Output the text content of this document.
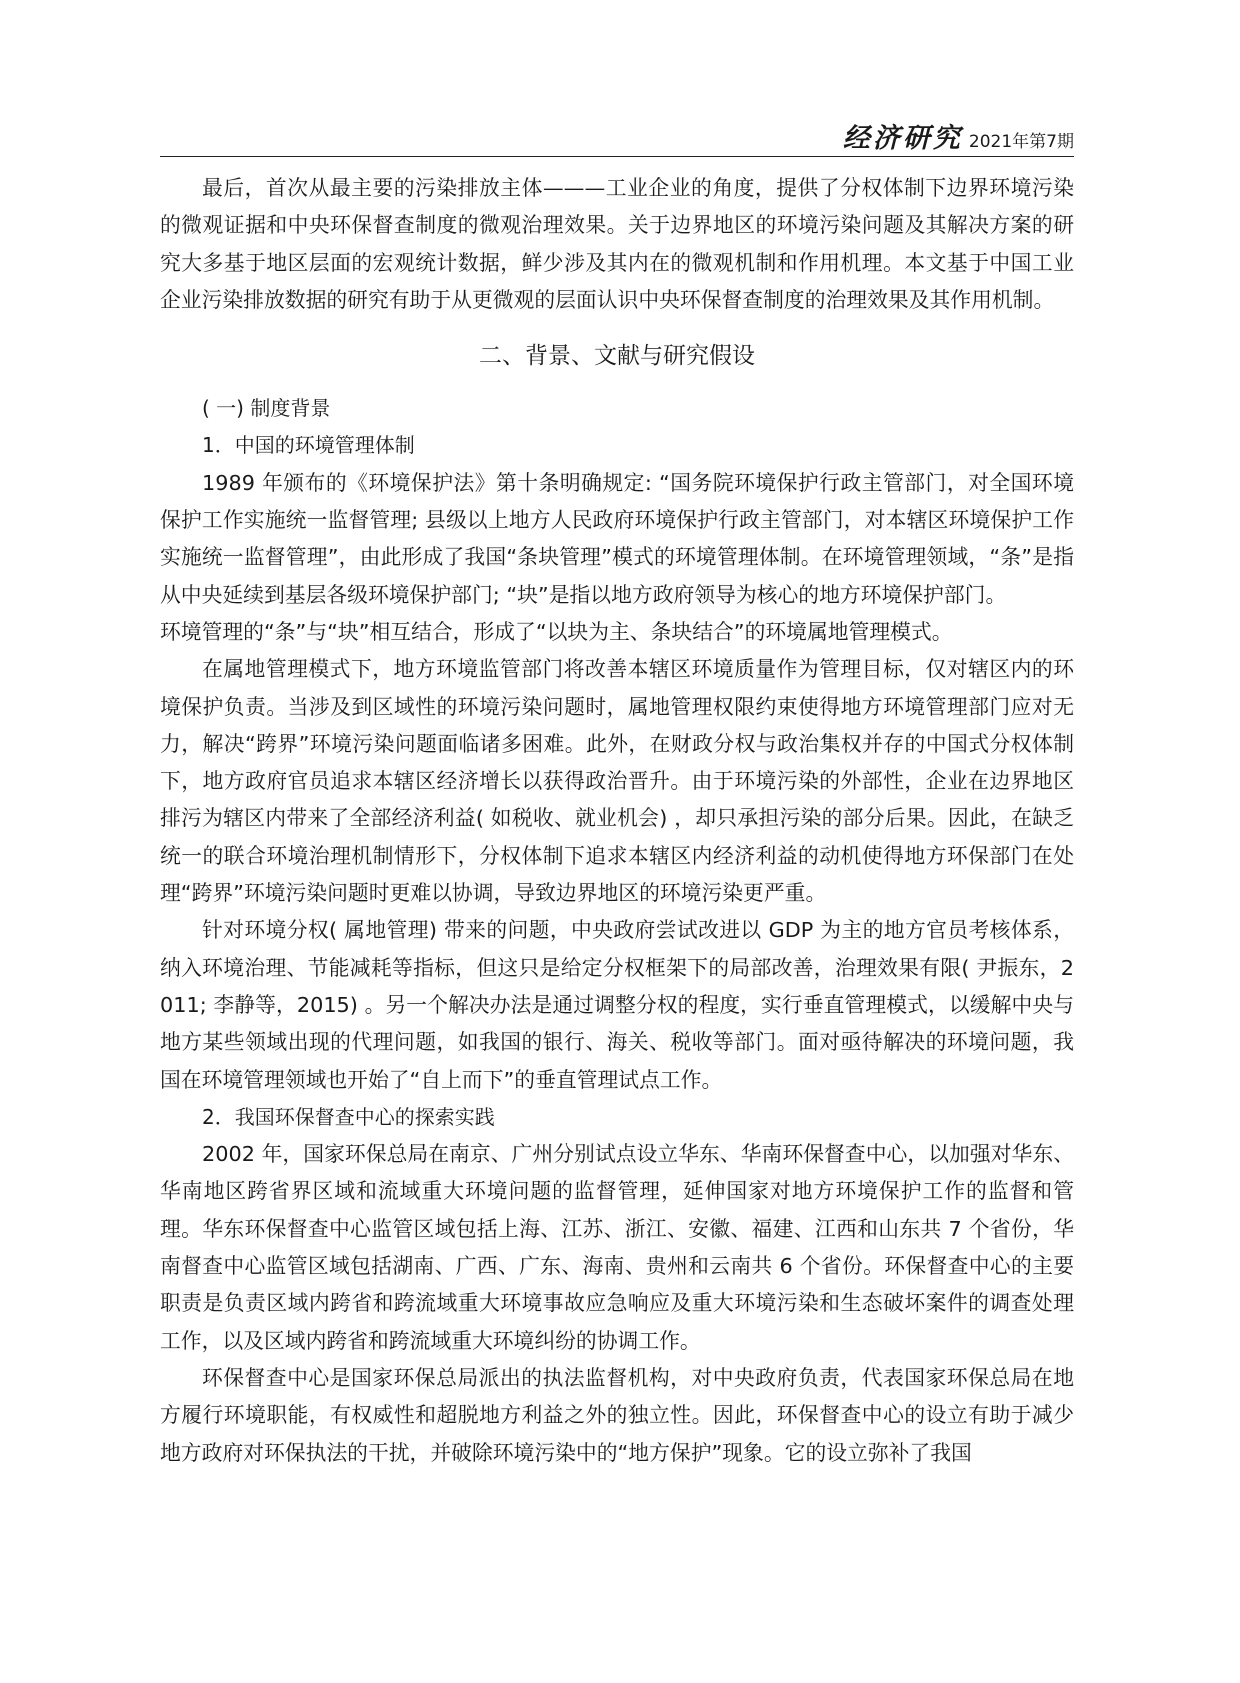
经济研究 2021年第7期

最后，首次从最主要的污染排放主体———工业企业的角度，提供了分权体制下边界环境污染的微观证据和中央环保督查制度的微观治理效果。关于边界地区的环境污染问题及其解决方案的研究大多基于地区层面的宏观统计数据，鲜少涉及其内在的微观机制和作用机理。本文基于中国工业企业污染排放数据的研究有助于从更微观的层面认识中央环保督查制度的治理效果及其作用机制。

二、背景、文献与研究假设

( 一) 制度背景

1．中国的环境管理体制

1989 年颁布的《环境保护法》第十条明确规定: “国务院环境保护行政主管部门，对全国环境保护工作实施统一监督管理; 县级以上地方人民政府环境保护行政主管部门，对本辖区环境保护工作实施统一监督管理”，由此形成了我国“条块管理”模式的环境管理体制。在环境管理领域，“条”是指从中央延续到基层各级环境保护部门; “块”是指以地方政府领导为核心的地方环境保护部门。

环境管理的“条”与“块”相互结合，形成了“以块为主、条块结合”的环境属地管理模式。

在属地管理模式下，地方环境监管部门将改善本辖区环境质量作为管理目标，仅对辖区内的环境保护负责。当涉及到区域性的环境污染问题时，属地管理权限约束使得地方环境管理部门应对无力，解决“跨界”环境污染问题面临诸多困难。此外，在财政分权与政治集权并存的中国式分权体制下，地方政府官员追求本辖区经济增长以获得政治晋升。由于环境污染的外部性，企业在边界地区排污为辖区内带来了全部经济利益( 如税收、就业机会) ，却只承担污染的部分后果。因此，在缺乏统一的联合环境治理机制情形下，分权体制下追求本辖区内经济利益的动机使得地方环保部门在处理“跨界”环境污染问题时更难以协调，导致边界地区的环境污染更严重。

针对环境分权( 属地管理) 带来的问题，中央政府尝试改进以 GDP 为主的地方官员考核体系，纳入环境治理、节能减耗等指标，但这只是给定分权框架下的局部改善，治理效果有限( 尹振东，2011; 李静等，2015) 。另一个解决办法是通过调整分权的程度，实行垂直管理模式，以缓解中央与地方某些领域出现的代理问题，如我国的银行、海关、税收等部门。面对亟待解决的环境问题，我国在环境管理领域也开始了“自上而下”的垂直管理试点工作。

2．我国环保督查中心的探索实践

2002 年，国家环保总局在南京、广州分别试点设立华东、华南环保督查中心，以加强对华东、华南地区跨省界区域和流域重大环境问题的监督管理，延伸国家对地方环境保护工作的监督和管理。华东环保督查中心监管区域包括上海、江苏、浙江、安徽、福建、江西和山东共 7 个省份，华南督查中心监管区域包括湖南、广西、广东、海南、贵州和云南共 6 个省份。环保督查中心的主要职责是负责区域内跨省和跨流域重大环境事故应急响应及重大环境污染和生态破坏案件的调查处理工作，以及区域内跨省和跨流域重大环境纠纷的协调工作。

环保督查中心是国家环保总局派出的执法监督机构，对中央政府负责，代表国家环保总局在地方履行环境职能，有权威性和超脱地方利益之外的独立性。因此，环保督查中心的设立有助于减少地方政府对环保执法的干扰，并破除环境污染中的“地方保护”现象。它的设立弥补了我国
